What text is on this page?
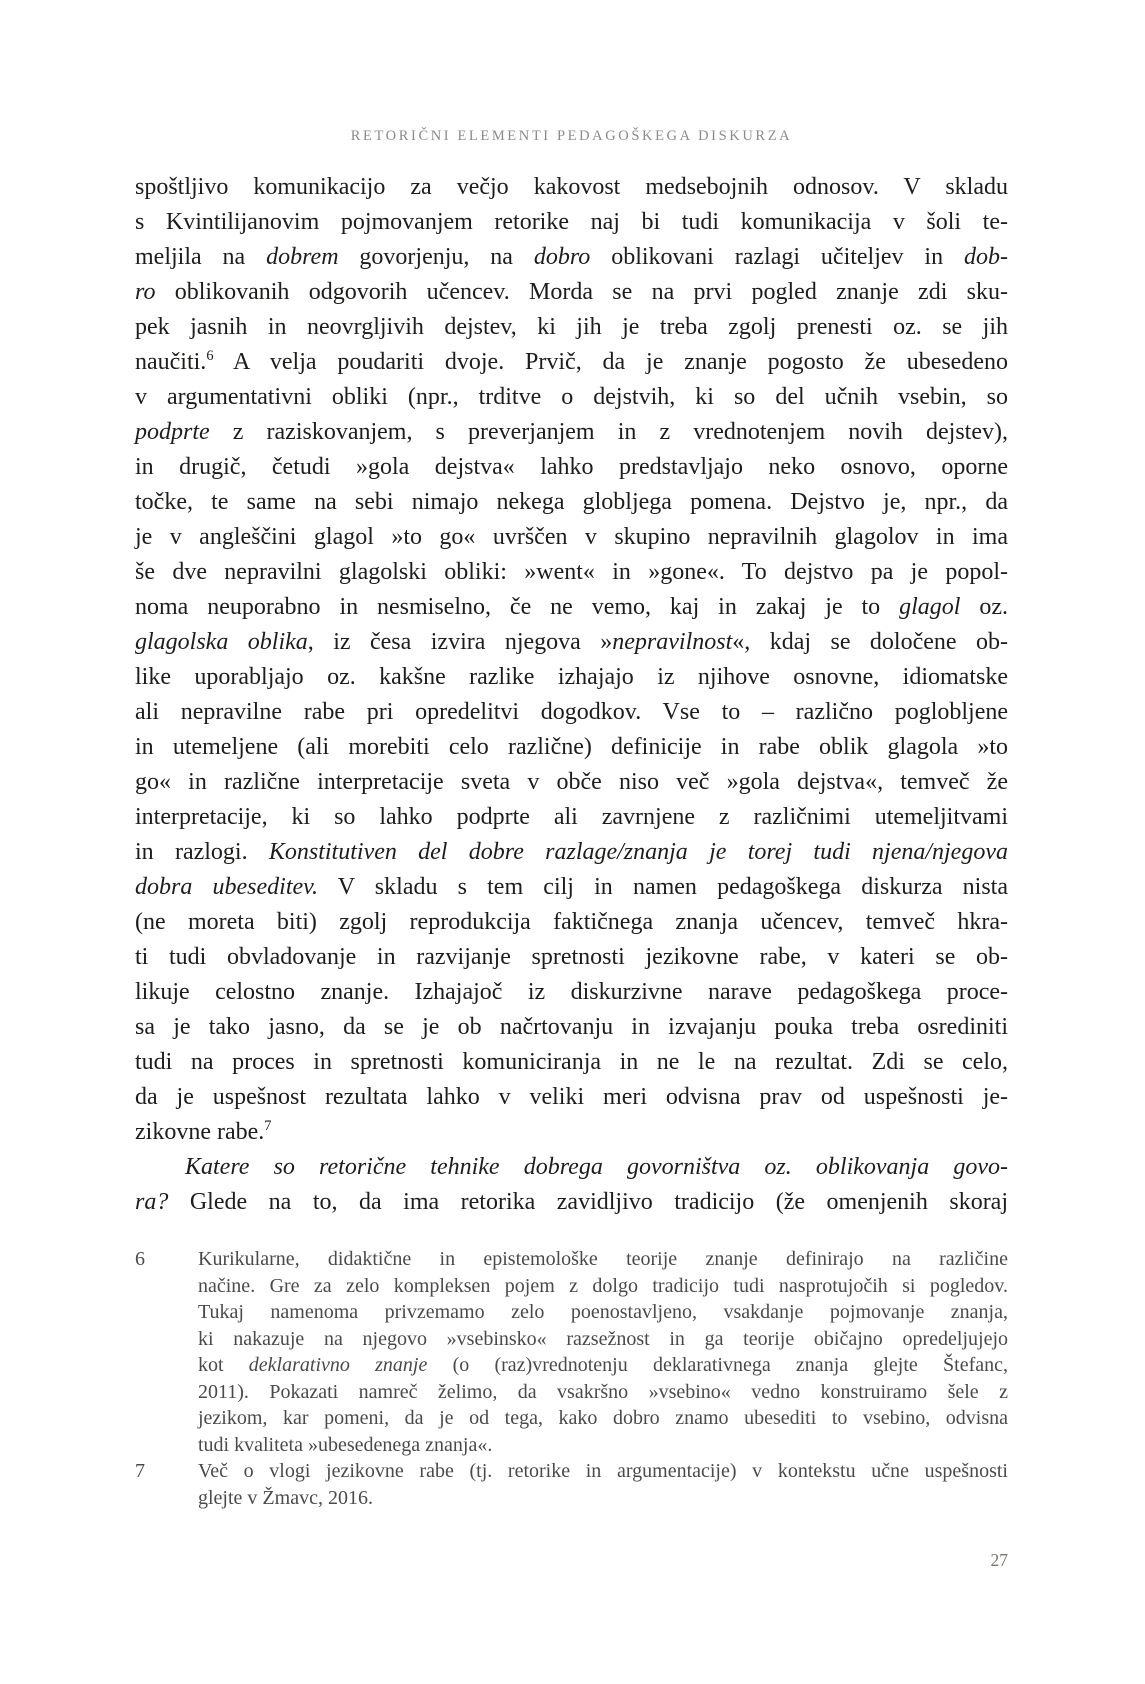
RETORIČNI ELEMENTI PEDAGOŠKEGA DISKURZA
spoštljivo komunikacijo za večjo kakovost medsebojnih odnosov. V skladu
s Kvintilijanovim pojmovanjem retorike naj bi tudi komunikacija v šoli te-
meljila na dobrem govorjenju, na dobro oblikovani razlagi učiteljev in dob-
ro oblikovanih odgovorih učencev. Morda se na prvi pogled znanje zdi sku-
pek jasnih in neovrgljivih dejstev, ki jih je treba zgolj prenesti oz. se jih
naučiti.$^6$ A velja poudariti dvoje. Prvič, da je znanje pogosto že ubesedeno
v argumentativni obliki (npr., trditve o dejstvih, ki so del učnih vsebin, so
podprte z raziskovanjem, s preverjanjem in z vrednotenjem novih dejstev),
in drugič, četudi »gola dejstva« lahko predstavljajo neko osnovo, oporne
točke, te same na sebi nimajo nekega globljega pomena. Dejstvo je, npr., da
je v angleščini glagol »to go« uvrščen v skupino nepravilnih glagolov in ima
še dve nepravilni glagolski obliki: »went« in »gone«. To dejstvo pa je popol-
noma neuporabno in nesmiselno, če ne vemo, kaj in zakaj je to glagol oz.
glagolska oblika, iz česa izvira njegova »nepravilnost«, kdaj se določene ob-
like uporabljajo oz. kakšne razlike izhajajo iz njihove osnovne, idiomatske
ali nepravilne rabe pri opredelitvi dogodkov. Vse to – različno poglobljene
in utemeljene (ali morebiti celo različne) definicije in rabe oblik glagola »to
go« in različne interpretacije sveta v obče niso več »gola dejstva«, temveč že
interpretacije, ki so lahko podprte ali zavrnjene z različnimi utemeljitvami
in razlogi. Konstitutiven del dobre razlage/znanja je torej tudi njena/njegova
dobra ubeseditev. V skladu s tem cilj in namen pedagoškega diskurza nista
(ne moreta biti) zgolj reprodukcija faktičnega znanja učencev, temveč hkra-
ti tudi obvladovanje in razvijanje spretnosti jezikovne rabe, v kateri se ob-
likuje celostno znanje. Izhajajoč iz diskurzivne narave pedagoškega proce-
sa je tako jasno, da se je ob načrtovanju in izvajanju pouka treba osrediniti
tudi na proces in spretnosti komuniciranja in ne le na rezultat. Zdi se celo,
da je uspešnost rezultata lahko v veliki meri odvisna prav od uspešnosti je-
zikovne rabe.$^7$
Katere so retorične tehnike dobrega govorništva oz. oblikovanja govo-
ra? Glede na to, da ima retorika zavidljivo tradicijo (že omenjenih skoraj
6	Kurikularne, didaktične in epistemološke teorije znanje definirajo na različine
načine. Gre za zelo kompleksen pojem z dolgo tradicijo tudi nasprotujočih si pogledov.
Tukaj namenoma privzemamo zelo poenostavljeno, vsakdanje pojmovanje znanja,
ki nakazuje na njegovo »vsebinsko« razsežnost in ga teorije običajno opredeljujejo
kot deklarativno znanje (o (raz)vrednotenju deklarativnega znanja glejte Štefanc,
2011). Pokazati namreč želimo, da vsakršno »vsebino« vedno konstruiramo šele z
jezikom, kar pomeni, da je od tega, kako dobro znamo ubesediti to vsebino, odvisna
tudi kvaliteta »ubesedenega znanja«.
7	Več o vlogi jezikovne rabe (tj. retorike in argumentacije) v kontekstu učne uspešnosti
glejte v Žmavc, 2016.
27
